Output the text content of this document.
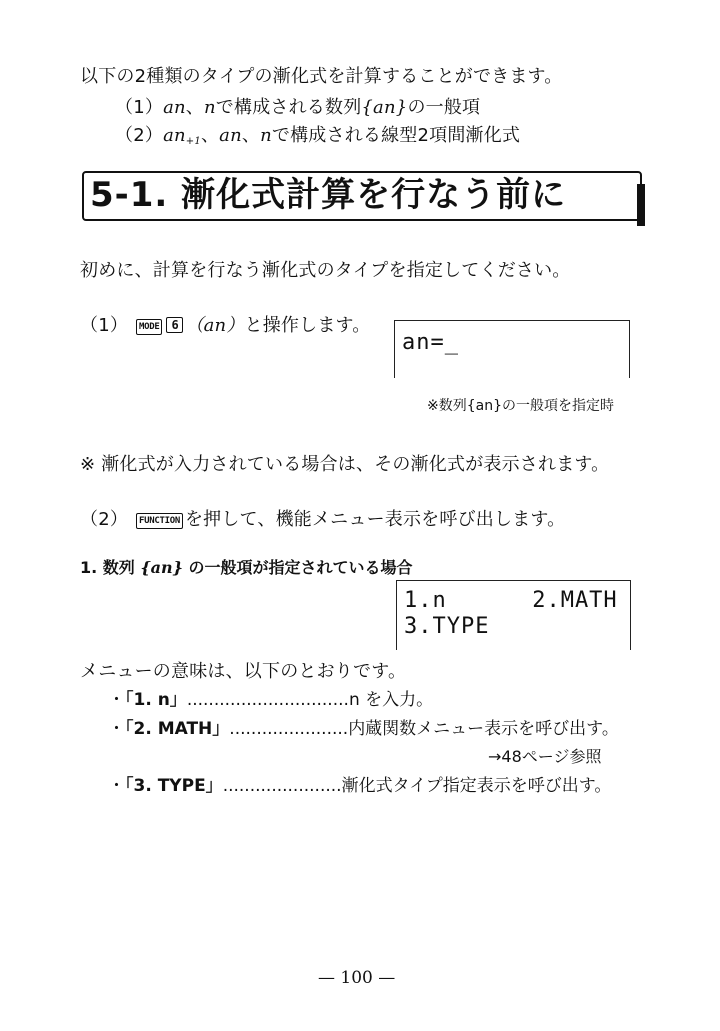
以下の2種類のタイプの漸化式を計算することができます。
（1）an、nで構成される数列{an}の一般項
$(2)an_{+1}$、an、nで構成される線型2項間漸化式
5-1. 漸化式計算を行なう前に
初めに、計算を行なう漸化式のタイプを指定してください。
（1） MODE 6 （an）と操作します。
an=_
※数列{an}の一般項を指定時
※ 漸化式が入力されている場合は、その漸化式が表示されます。
（2） FUNCTION を押して、機能メニュー表示を呼び出します。
1. 数列 {an} の一般項が指定されている場合
1.n      2.MATH
3.TYPE
メニューの意味は、以下のとおりです。
・「1. n」..............................n を入力。
・「2. MATH」......................内蔵関数メニュー表示を呼び出す。
→48ページ参照
・「3. TYPE」......................漸化式タイプ指定表示を呼び出す。
— 100 —
